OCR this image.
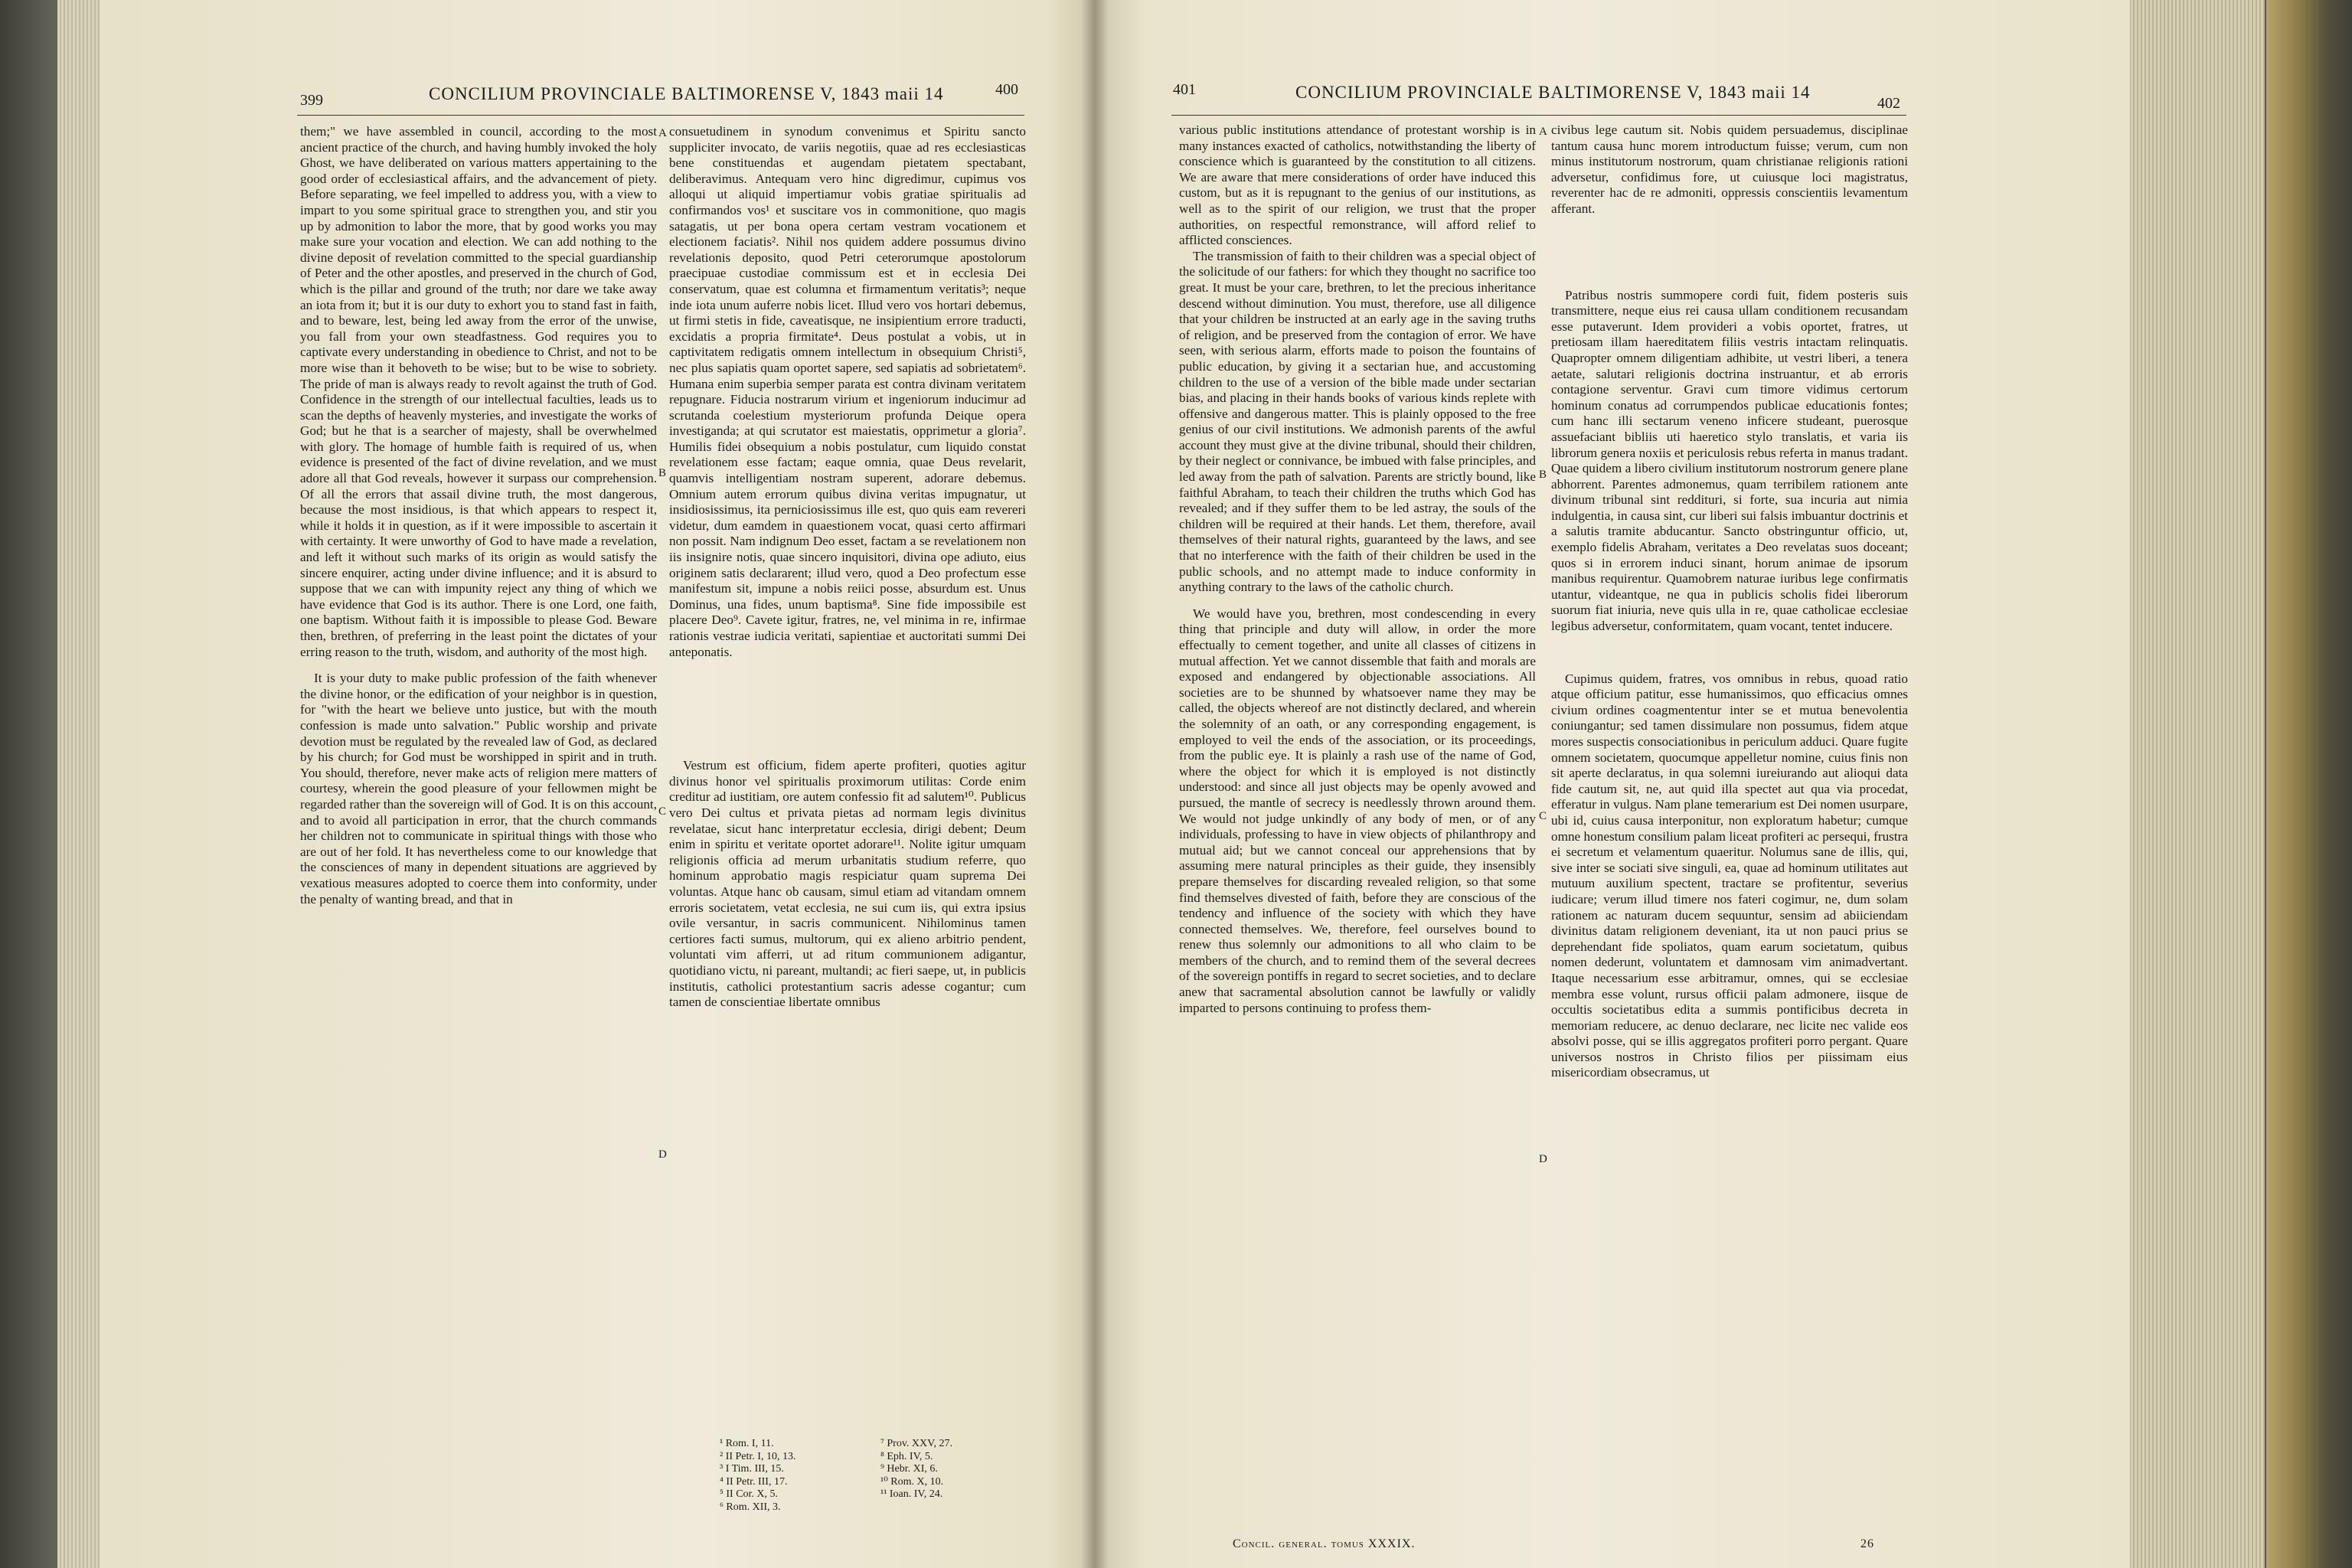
399	CONCILIUM PROVINCIALE BALTIMORENSE V, 1843 maii 14	400

them;" we have assembled in council, according to the most ancient practice of the church, and having humbly invoked the holy Ghost, we have deliberated on various matters appertaining to the good order of ecclesiastical affairs, and the advancement of piety. Before separating, we feel impelled to address you, with a view to impart to you some spiritual grace to strengthen you, and stir you up by admonition to labor the more, that by good works you may make sure your vocation and election. We can add nothing to the divine deposit of revelation committed to the special guardianship of Peter and the other apostles, and preserved in the church of God, which is the pillar and ground of the truth; nor dare we take away an iota from it; but it is our duty to exhort you to stand fast in faith, and to beware, lest, being led away from the error of the unwise, you fall from your own steadfastness. God requires you to captivate every understanding in obedience to Christ, and not to be more wise than it behoveth to be wise; but to be wise to sobriety. The pride of man is always ready to revolt against the truth of God. Confidence in the strength of our intellectual faculties, leads us to scan the depths of heavenly mysteries, and investigate the works of God; but he that is a searcher of majesty, shall be overwhelmed with glory. The homage of humble faith is required of us, when evidence is presented of the fact of divine revelation, and we must adore all that God reveals, however it surpass our comprehension. Of all the errors that assail divine truth, the most dangerous, because the most insidious, is that which appears to respect it, while it holds it in question, as if it were impossible to ascertain it with certainty. It were unworthy of God to have made a revelation, and left it without such marks of its origin as would satisfy the sincere enquirer, acting under divine influence; and it is absurd to suppose that we can with impunity reject any thing of which we have evidence that God is its author. There is one Lord, one faith, one baptism. Without faith it is impossible to please God. Beware then, brethren, of preferring in the least point the dictates of your erring reason to the truth, wisdom, and authority of the most high.

It is your duty to make public profession of the faith whenever the divine honor, or the edification of your neighbor is in question, for "with the heart we believe unto justice, but with the mouth confession is made unto salvation." Public worship and private devotion must be regulated by the revealed law of God, as declared by his church; for God must be worshipped in spirit and in truth. You should, therefore, never make acts of religion mere matters of courtesy, wherein the good pleasure of your fellowmen might be regarded rather than the sovereign will of God. It is on this account, and to avoid all participation in error, that the church commands her children not to communicate in spiritual things with those who are out of her fold. It has nevertheless come to our knowledge that the consciences of many in dependent situations are aggrieved by vexatious measures adopted to coerce them into conformity, under the penalty of wanting bread, and that in

A
B
C
D

consuetudinem in synodum convenimus et Spiritu sancto suppliciter invocato, de variis negotiis, quae ad res ecclesiasticas bene constituendas et augendam pietatem spectabant, deliberavimus. Antequam vero hinc digredimur, cupimus vos alloqui ut aliquid impertiamur vobis gratiae spiritualis ad confirmandos vos¹ et suscitare vos in commonitione, quo magis satagatis, ut per bona opera certam vestram vocationem et electionem faciatis². Nihil nos quidem addere possumus divino revelationis deposito, quod Petri ceterorumque apostolorum praecipuae custodiae commissum est et in ecclesia Dei conservatum, quae est columna et firmamentum veritatis³; neque inde iota unum auferre nobis licet. Illud vero vos hortari debemus, ut firmi stetis in fide, caveatisque, ne insipientium errore traducti, excidatis a propria firmitate⁴. Deus postulat a vobis, ut in captivitatem redigatis omnem intellectum in obsequium Christi⁵, nec plus sapiatis quam oportet sapere, sed sapiatis ad sobrietatem⁶. Humana enim superbia semper parata est contra divinam veritatem repugnare. Fiducia nostrarum virium et ingeniorum inducimur ad scrutanda coelestium mysteriorum profunda Deique opera investiganda; at qui scrutator est maiestatis, opprimetur a gloria⁷. Humilis fidei obsequium a nobis postulatur, cum liquido constat revelationem esse factam; eaque omnia, quae Deus revelarit, quamvis intelligentiam nostram superent, adorare debemus. Omnium autem errorum quibus divina veritas impugnatur, ut insidiosissimus, ita perniciosissimus ille est, quo quis eam revereri videtur, dum eamdem in quaestionem vocat, quasi certo affirmari non possit. Nam indignum Deo esset, factam a se revelationem non iis insignire notis, quae sincero inquisitori, divina ope adiuto, eius originem satis declararent; illud vero, quod a Deo profectum esse manifestum sit, impune a nobis reiici posse, absurdum est. Unus Dominus, una fides, unum baptisma⁸. Sine fide impossibile est placere Deo⁹. Cavete igitur, fratres, ne, vel minima in re, infirmae rationis vestrae iudicia veritati, sapientiae et auctoritati summi Dei anteponatis.

Vestrum est officium, fidem aperte profiteri, quoties agitur divinus honor vel spiritualis proximorum utilitas: Corde enim creditur ad iustitiam, ore autem confessio fit ad salutem¹⁰. Publicus vero Dei cultus et privata pietas ad normam legis divinitus revelatae, sicut hanc interpretatur ecclesia, dirigi debent; Deum enim in spiritu et veritate oportet adorare¹¹. Nolite igitur umquam religionis officia ad merum urbanitatis studium referre, quo hominum approbatio magis respiciatur quam suprema Dei voluntas. Atque hanc ob causam, simul etiam ad vitandam omnem erroris societatem, vetat ecclesia, ne sui cum iis, qui extra ipsius ovile versantur, in sacris communicent. Nihilominus tamen certiores facti sumus, multorum, qui ex alieno arbitrio pendent, voluntati vim afferri, ut ad ritum communionem adigantur, quotidiano victu, ni pareant, multandi; ac fieri saepe, ut, in publicis institutis, catholici protestantium sacris adesse cogantur; cum tamen de conscientiae libertate omnibus

¹ Rom. I, 11.
² II Petr. I, 10, 13.
³ I Tim. III, 15.
⁴ II Petr. III, 17.
⁵ II Cor. X, 5.
⁶ Rom. XII, 3.
⁷ Prov. XXV, 27.
⁸ Eph. IV, 5.
⁹ Hebr. XI, 6.
¹⁰ Rom. X, 10.
¹¹ Ioan. IV, 24.
401	CONCILIUM PROVINCIALE BALTIMORENSE V, 1843 maii 14
402

various public institutions attendance of protestant worship is in many instances exacted of catholics, notwithstanding the liberty of conscience which is guaranteed by the constitution to all citizens. We are aware that mere considerations of order have induced this custom, but as it is repugnant to the genius of our institutions, as well as to the spirit of our religion, we trust that the proper authorities, on respectful remonstrance, will afford relief to afflicted consciences.

The transmission of faith to their children was a special object of the solicitude of our fathers: for which they thought no sacrifice too great. It must be your care, brethren, to let the precious inheritance descend without diminution. You must, therefore, use all diligence that your children be instructed at an early age in the saving truths of religion, and be preserved from the contagion of error. We have seen, with serious alarm, efforts made to poison the fountains of public education, by giving it a sectarian hue, and accustoming children to the use of a version of the bible made under sectarian bias, and placing in their hands books of various kinds replete with offensive and dangerous matter. This is plainly opposed to the free genius of our civil institutions. We admonish parents of the awful account they must give at the divine tribunal, should their children, by their neglect or connivance, be imbued with false principles, and led away from the path of salvation. Parents are strictly bound, like faithful Abraham, to teach their children the truths which God has revealed; and if they suffer them to be led astray, the souls of the children will be required at their hands. Let them, therefore, avail themselves of their natural rights, guaranteed by the laws, and see that no interference with the faith of their children be used in the public schools, and no attempt made to induce conformity in anything contrary to the laws of the catholic church.

We would have you, brethren, most condescending in every thing that principle and duty will allow, in order the more effectually to cement together, and unite all classes of citizens in mutual affection. Yet we cannot dissemble that faith and morals are exposed and endangered by objectionable associations. All societies are to be shunned by whatsoever name they may be called, the objects whereof are not distinctly declared, and wherein the solemnity of an oath, or any corresponding engagement, is employed to veil the ends of the association, or its proceedings, from the public eye. It is plainly a rash use of the name of God, where the object for which it is employed is not distinctly understood: and since all just objects may be openly avowed and pursued, the mantle of secrecy is needlessly thrown around them. We would not judge unkindly of any body of men, or of any individuals, professing to have in view objects of philanthropy and mutual aid; but we cannot conceal our apprehensions that by assuming mere natural principles as their guide, they insensibly prepare themselves for discarding revealed religion, so that some find themselves divested of faith, before they are conscious of the tendency and influence of the society with which they have connected themselves. We, therefore, feel ourselves bound to renew thus solemnly our admonitions to all who claim to be members of the church, and to remind them of the several decrees of the sovereign pontiffs in regard to secret societies, and to declare anew that sacramental absolution cannot be lawfully or validly imparted to persons continuing to profess them-

A
B
C
D

civibus lege cautum sit. Nobis quidem persuademus, disciplinae tantum causa hunc morem introductum fuisse; verum, cum non minus institutorum nostrorum, quam christianae religionis rationi adversetur, confidimus fore, ut cuiusque loci magistratus, reverenter hac de re admoniti, oppressis conscientiis levamentum afferant.

Patribus nostris summopere cordi fuit, fidem posteris suis transmittere, neque eius rei causa ullam conditionem recusandam esse putaverunt. Idem provideri a vobis oportet, fratres, ut pretiosam illam haereditatem filiis vestris intactam relinquatis. Quapropter omnem diligentiam adhibite, ut vestri liberi, a tenera aetate, salutari religionis doctrina instruantur, et ab erroris contagione serventur. Gravi cum timore vidimus certorum hominum conatus ad corrumpendos publicae educationis fontes; cum hanc illi sectarum veneno inficere studeant, puerosque assuefaciant bibliis uti haeretico stylo translatis, et varia iis librorum genera noxiis et periculosis rebus referta in manus tradant. Quae quidem a libero civilium institutorum nostrorum genere plane abhorrent. Parentes admonemus, quam terribilem rationem ante divinum tribunal sint reddituri, si forte, sua incuria aut nimia indulgentia, in causa sint, cur liberi sui falsis imbuantur doctrinis et a salutis tramite abducantur. Sancto obstringuntur officio, ut, exemplo fidelis Abraham, veritates a Deo revelatas suos doceant; quos si in errorem induci sinant, horum animae de ipsorum manibus requirentur. Quamobrem naturae iuribus lege confirmatis utantur, videantque, ne qua in publicis scholis fidei liberorum suorum fiat iniuria, neve quis ulla in re, quae catholicae ecclesiae legibus adversetur, conformitatem, quam vocant, tentet inducere.

Cupimus quidem, fratres, vos omnibus in rebus, quoad ratio atque officium patitur, esse humanissimos, quo efficacius omnes civium ordines coagmententur inter se et mutua benevolentia coniungantur; sed tamen dissimulare non possumus, fidem atque mores suspectis consociationibus in periculum adduci. Quare fugite omnem societatem, quocumque appelletur nomine, cuius finis non sit aperte declaratus, in qua solemni iureiurando aut alioqui data fide cautum sit, ne, aut quid illa spectet aut qua via procedat, efferatur in vulgus. Nam plane temerarium est Dei nomen usurpare, ubi id, cuius causa interponitur, non exploratum habetur; cumque omne honestum consilium palam liceat profiteri ac persequi, frustra ei secretum et velamentum quaeritur. Nolumus sane de illis, qui, sive inter se sociati sive singuli, ea, quae ad hominum utilitates aut mutuum auxilium spectent, tractare se profitentur, severius iudicare; verum illud timere nos fateri cogimur, ne, dum solam rationem ac naturam ducem sequuntur, sensim ad abiiciendam divinitus datam religionem deveniant, ita ut non pauci prius se deprehendant fide spoliatos, quam earum societatum, quibus nomen dederunt, voluntatem et damnosam vim animadvertant. Itaque necessarium esse arbitramur, omnes, qui se ecclesiae membra esse volunt, rursus officii palam admonere, iisque de occultis societatibus edita a summis pontificibus decreta in memoriam reducere, ac denuo declarare, nec licite nec valide eos absolvi posse, qui se illis aggregatos profiteri porro pergant. Quare universos nostros in Christo filios per piissimam eius misericordiam obsecramus, ut

Concil. general. tomus XXXIX.	26
